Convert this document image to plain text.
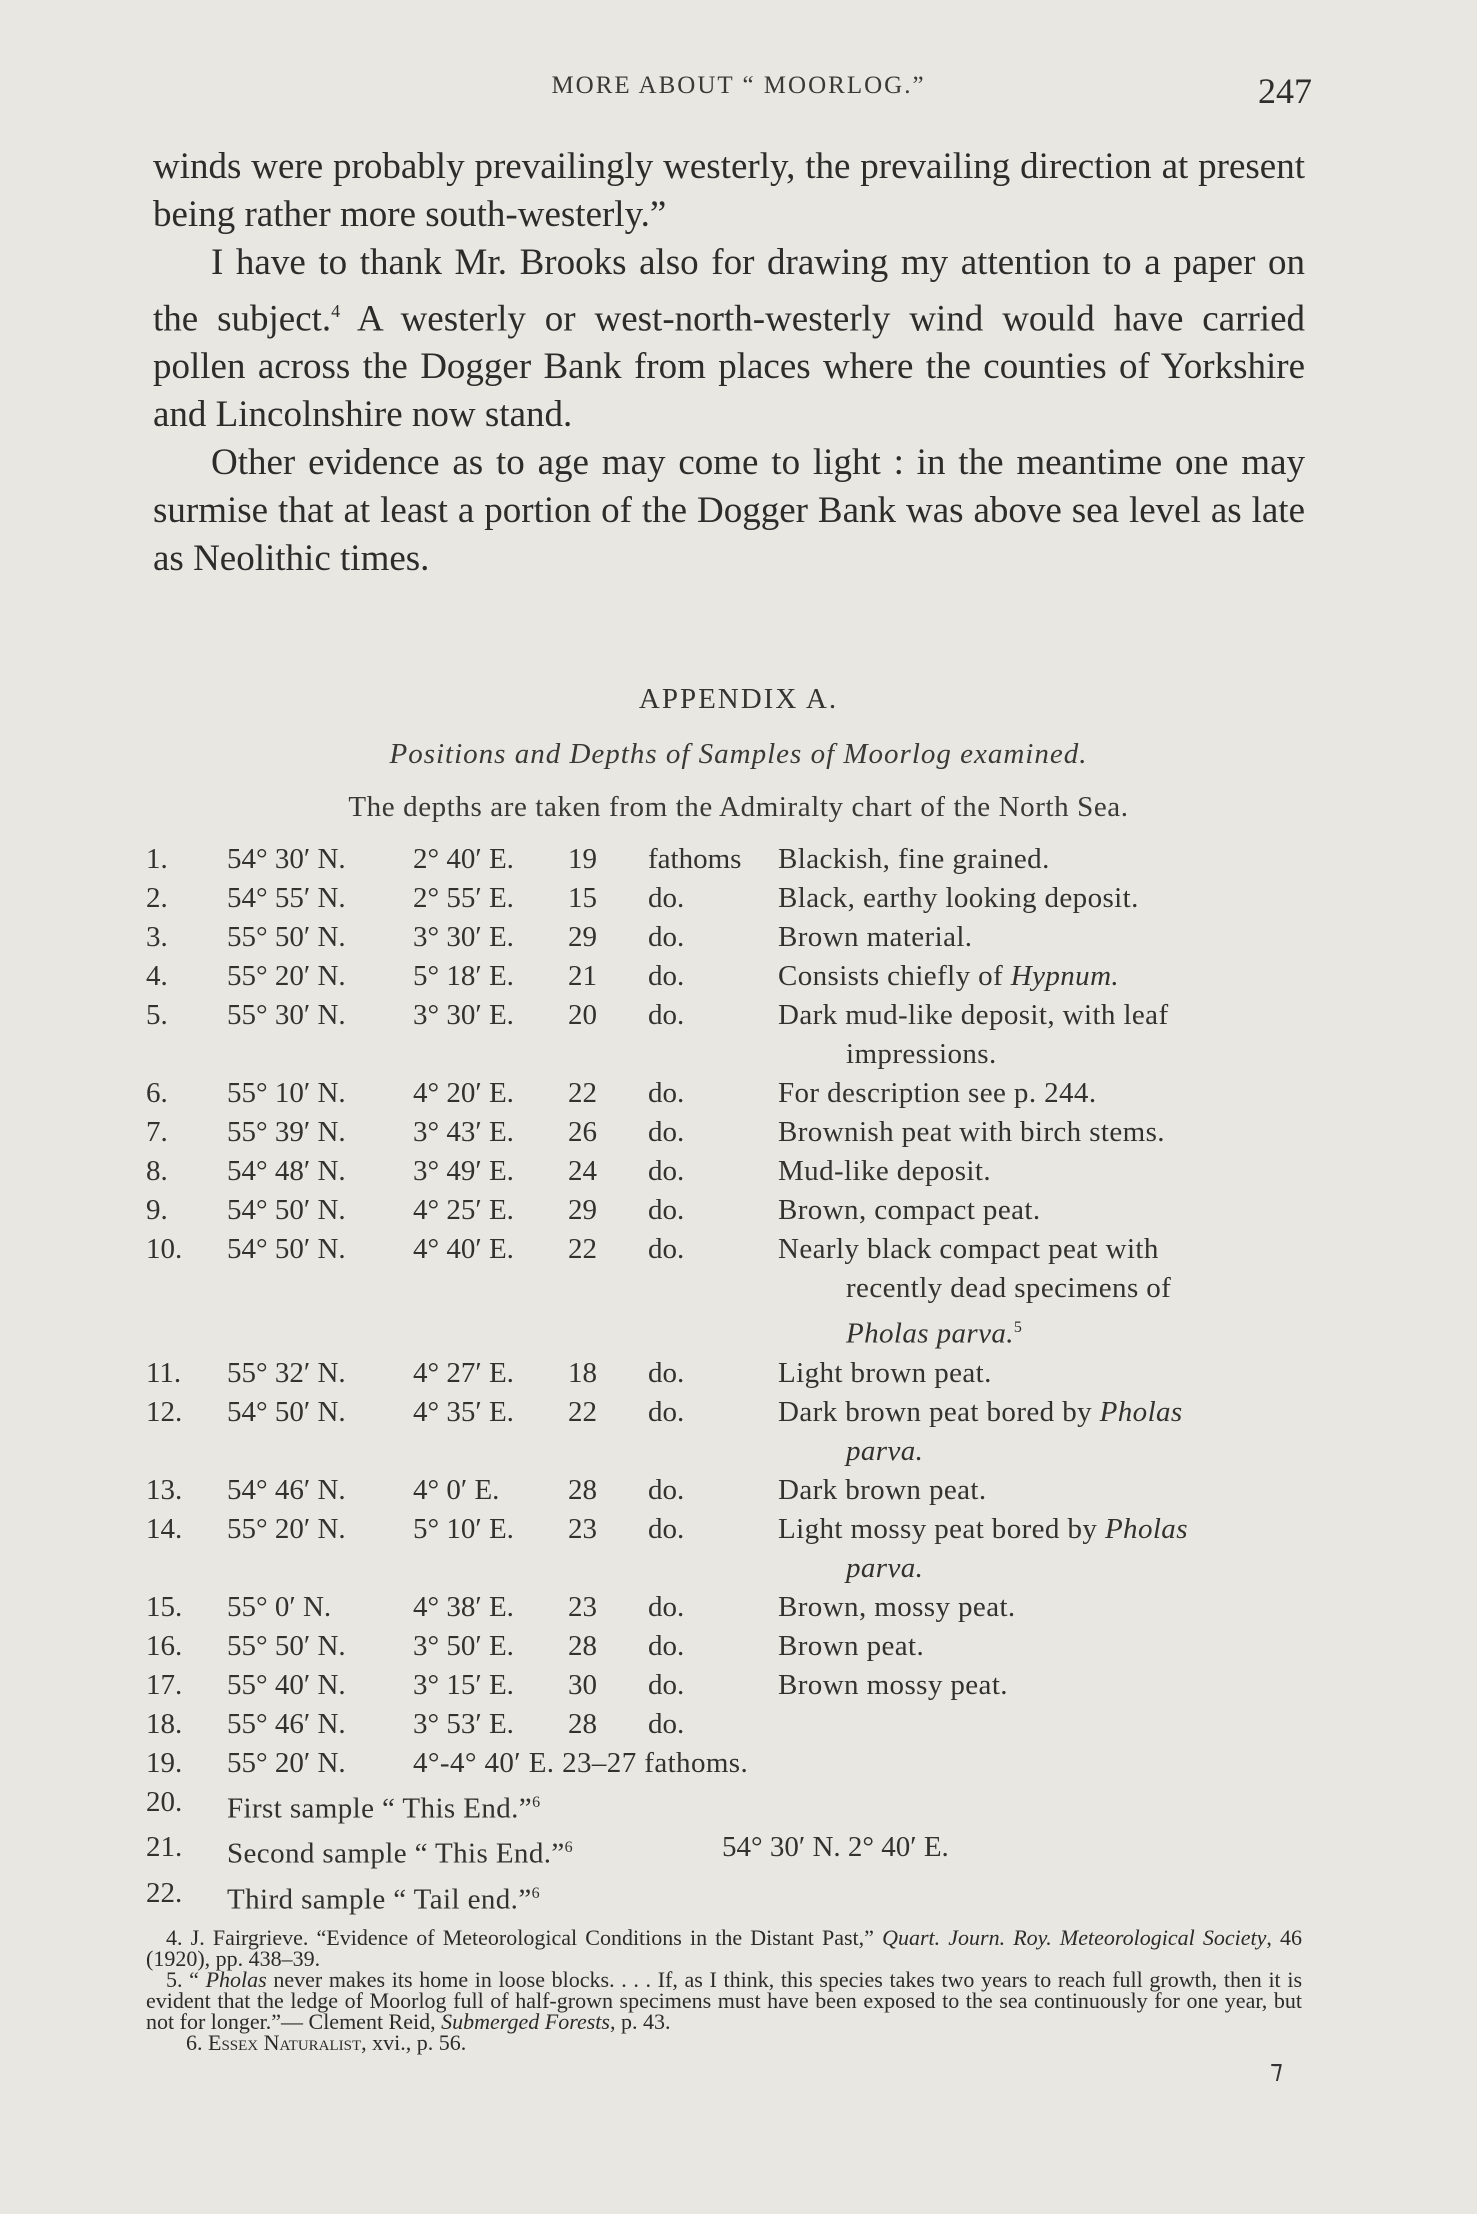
MORE ABOUT “ MOORLOG.”	247

winds were probably prevailingly westerly, the prevailing direction at present being rather more south-westerly.”

I have to thank Mr. Brooks also for drawing my attention to a paper on the subject.$^4$ A westerly or west-north-westerly wind would have carried pollen across the Dogger Bank from places where the counties of Yorkshire and Lincolnshire now stand.

Other evidence as to age may come to light : in the meantime one may surmise that at least a portion of the Dogger Bank was above sea level as late as Neolithic times.

APPENDIX A.
Positions and Depths of Samples of Moorlog examined.
The depths are taken from the Admiralty chart of the North Sea.
1.	54° 30′ N.	2° 40′ E.	19	fathoms	Blackish, fine grained.
2.	54° 55′ N.	2° 55′ E.	15	do.	Black, earthy looking deposit.
3.	55° 50′ N.	3° 30′ E.	29	do.	Brown material.
4.	55° 20′ N.	5° 18′ E.	21	do.	Consists chiefly of Hypnum.
5.	55° 30′ N.	3° 30′ E.	20	do.	Dark mud-like deposit, with leaf
impressions.
6.	55° 10′ N.	4° 20′ E.	22	do.	For description see p. 244.
7.	55° 39′ N.	3° 43′ E.	26	do.	Brownish peat with birch stems.
8.	54° 48′ N.	3° 49′ E.	24	do.	Mud-like deposit.
9.	54° 50′ N.	4° 25′ E.	29	do.	Brown, compact peat.
10.	54° 50′ N.	4° 40′ E.	22	do.	Nearly black compact peat with
recently dead specimens of
Pholas parva.$^5$
11.	55° 32′ N.	4° 27′ E.	18	do.	Light brown peat.
12.	54° 50′ N.	4° 35′ E.	22	do.	Dark brown peat bored by Pholas
parva.
13.	54° 46′ N.	4° 0′ E.	28	do.	Dark brown peat.
14.	55° 20′ N.	5° 10′ E.	23	do.	Light mossy peat bored by Pholas
parva.
15.	55° 0′ N.	4° 38′ E.	23	do.	Brown, mossy peat.
16.	55° 50′ N.	3° 50′ E.	28	do.	Brown peat.
17.	55° 40′ N.	3° 15′ E.	30	do.	Brown mossy peat.
18.	55° 46′ N.	3° 53′ E.	28	do.
19.	55° 20′ N.	4°-4° 40′ E. 23–27 fathoms.
20.	First sample “ This End.”$^6$
21.	Second sample “ This End.”$^6$	54° 30′ N. 2° 40′ E.
22.	Third sample “ Tail end.”$^6$

4. J. Fairgrieve. “Evidence of Meteorological Conditions in the Distant Past,” Quart. Journ. Roy. Meteorological Society, 46 (1920), pp. 438–39.

5. “ Pholas never makes its home in loose blocks. . . . If, as I think, this species takes two years to reach full growth, then it is evident that the ledge of Moorlog full of half-grown specimens must have been exposed to the sea continuously for one year, but not for longer.”— Clement Reid, Submerged Forests, p. 43.

6. Essex Naturalist, xvi., p. 56.

⁊
